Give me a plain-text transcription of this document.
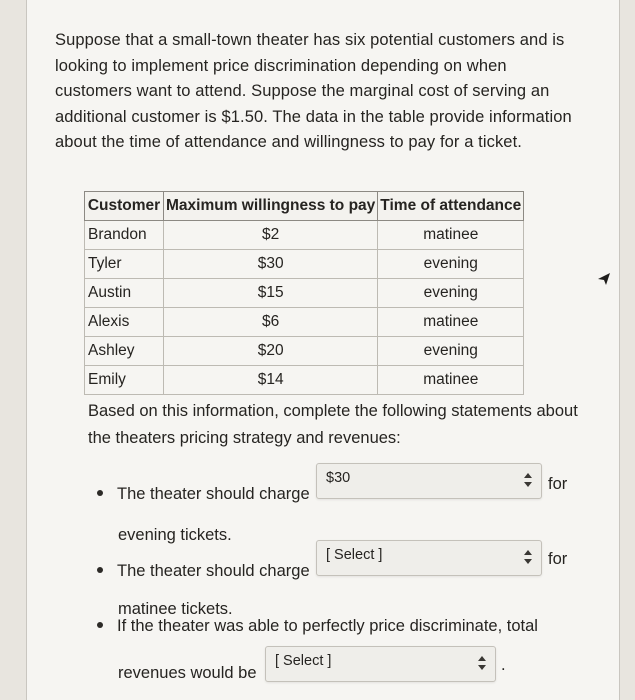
Suppose that a small-town theater has six potential customers and is looking to implement price discrimination depending on when customers want to attend. Suppose the marginal cost of serving an additional customer is $1.50. The data in the table provide information about the time of attendance and willingness to pay for a ticket.
Customer	Maximum willingness to pay	Time of attendance
Brandon	$2	matinee
Tyler	$30	evening
Austin	$15	evening
Alexis	$6	matinee
Ashley	$20	evening
Emily	$14	matinee
Based on this information, complete the following statements about the theaters pricing strategy and revenues:
The theater should charge
$30	for
evening tickets.
The theater should charge
[ Select ]	for
matinee tickets.
If the theater was able to perfectly price discriminate, total
revenues would be
[ Select ]	.
